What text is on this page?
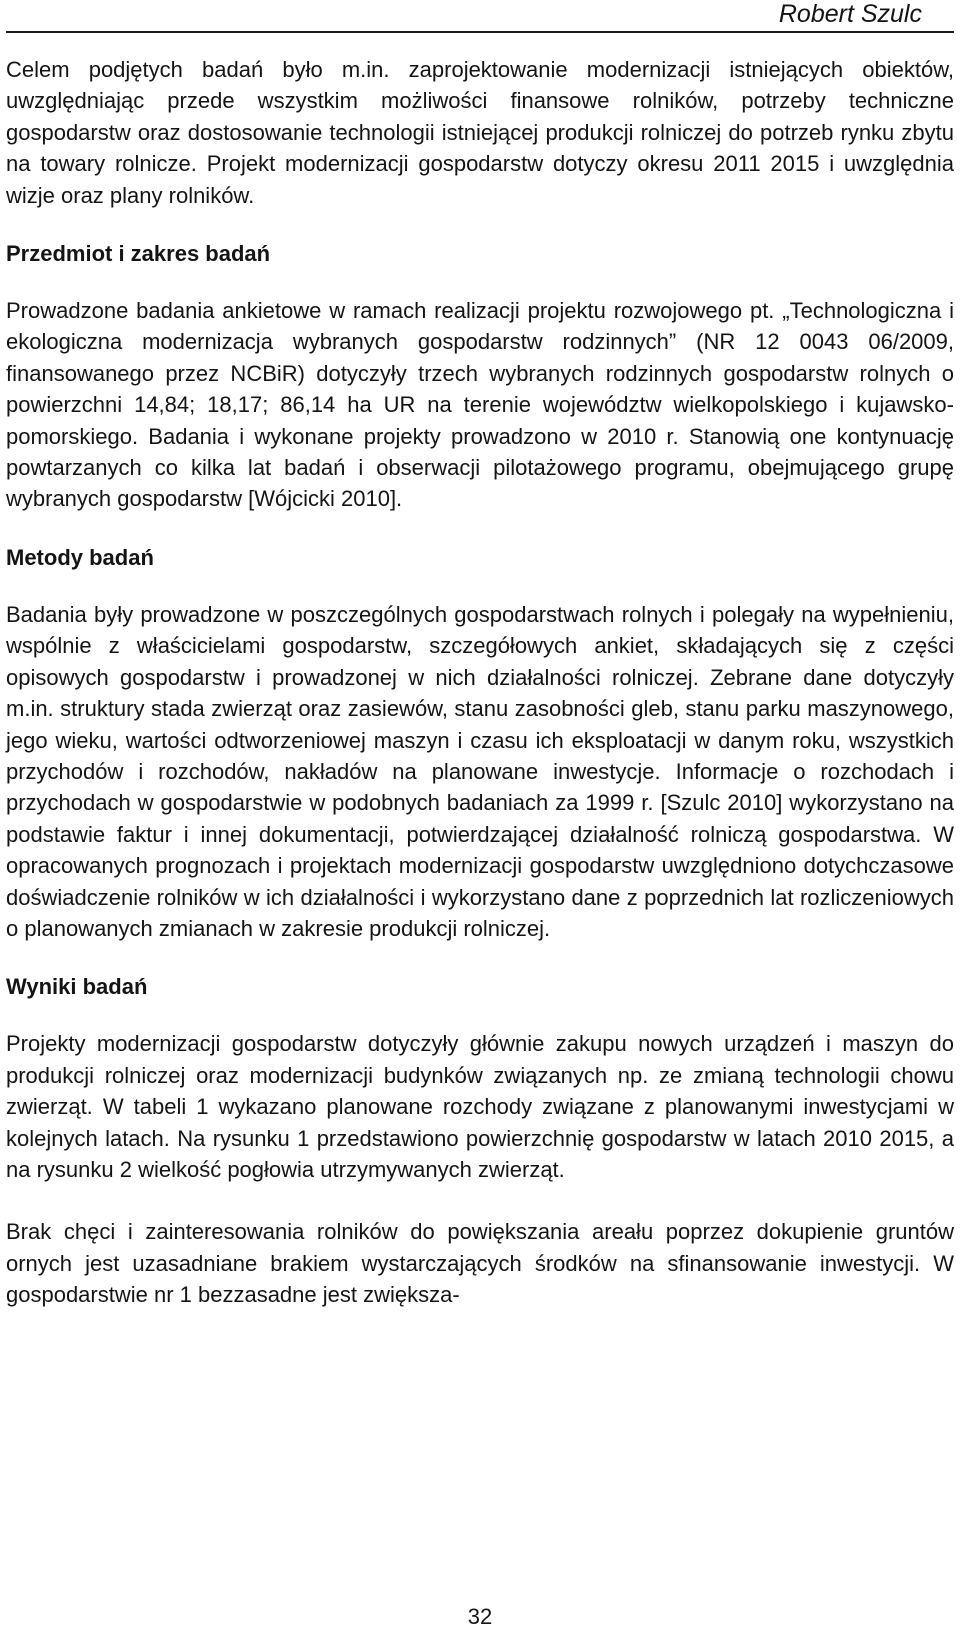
Robert Szulc

Celem podjętych badań było m.in. zaprojektowanie modernizacji istniejących obiektów, uwzględniając przede wszystkim możliwości finansowe rolników, potrzeby techniczne gospodarstw oraz dostosowanie technologii istniejącej produkcji rolniczej do potrzeb rynku zbytu na towary rolnicze. Projekt modernizacji gospodarstw dotyczy okresu 2011 2015 i uwzględnia wizje oraz plany rolników.

Przedmiot i zakres badań

Prowadzone badania ankietowe w ramach realizacji projektu rozwojowego pt. „Technologiczna i ekologiczna modernizacja wybranych gospodarstw rodzinnych” (NR 12 0043 06/2009, finansowanego przez NCBiR) dotyczyły trzech wybranych rodzinnych gospodarstw rolnych o powierzchni 14,84; 18,17; 86,14 ha UR na terenie województw wielkopolskiego i kujawsko-pomorskiego. Badania i wykonane projekty prowadzono w 2010 r. Stanowią one kontynuację powtarzanych co kilka lat badań i obserwacji pilotażowego programu, obejmującego grupę wybranych gospodarstw [Wójcicki 2010].

Metody badań

Badania były prowadzone w poszczególnych gospodarstwach rolnych i polegały na wypełnieniu, wspólnie z właścicielami gospodarstw, szczegółowych ankiet, składających się z części opisowych gospodarstw i prowadzonej w nich działalności rolniczej. Zebrane dane dotyczyły m.in. struktury stada zwierząt oraz zasiewów, stanu zasobności gleb, stanu parku maszynowego, jego wieku, wartości odtworzeniowej maszyn i czasu ich eksploatacji w danym roku, wszystkich przychodów i rozchodów, nakładów na planowane inwestycje. Informacje o rozchodach i przychodach w gospodarstwie w podobnych badaniach za 1999 r. [Szulc 2010] wykorzystano na podstawie faktur i innej dokumentacji, potwierdzającej działalność rolniczą gospodarstwa. W opracowanych prognozach i projektach modernizacji gospodarstw uwzględniono dotychczasowe doświadczenie rolników w ich działalności i wykorzystano dane z poprzednich lat rozliczeniowych o planowanych zmianach w zakresie produkcji rolniczej.

Wyniki badań

Projekty modernizacji gospodarstw dotyczyły głównie zakupu nowych urządzeń i maszyn do produkcji rolniczej oraz modernizacji budynków związanych np. ze zmianą technologii chowu zwierząt. W tabeli 1 wykazano planowane rozchody związane z planowanymi inwestycjami w kolejnych latach. Na rysunku 1 przedstawiono powierzchnię gospodarstw w latach 2010 2015, a na rysunku 2 wielkość pogłowia utrzymywanych zwierząt.

Brak chęci i zainteresowania rolników do powiększania areału poprzez dokupienie gruntów ornych jest uzasadniane brakiem wystarczających środków na sfinansowanie inwestycji. W gospodarstwie nr 1 bezzasadne jest zwiększa-

32
